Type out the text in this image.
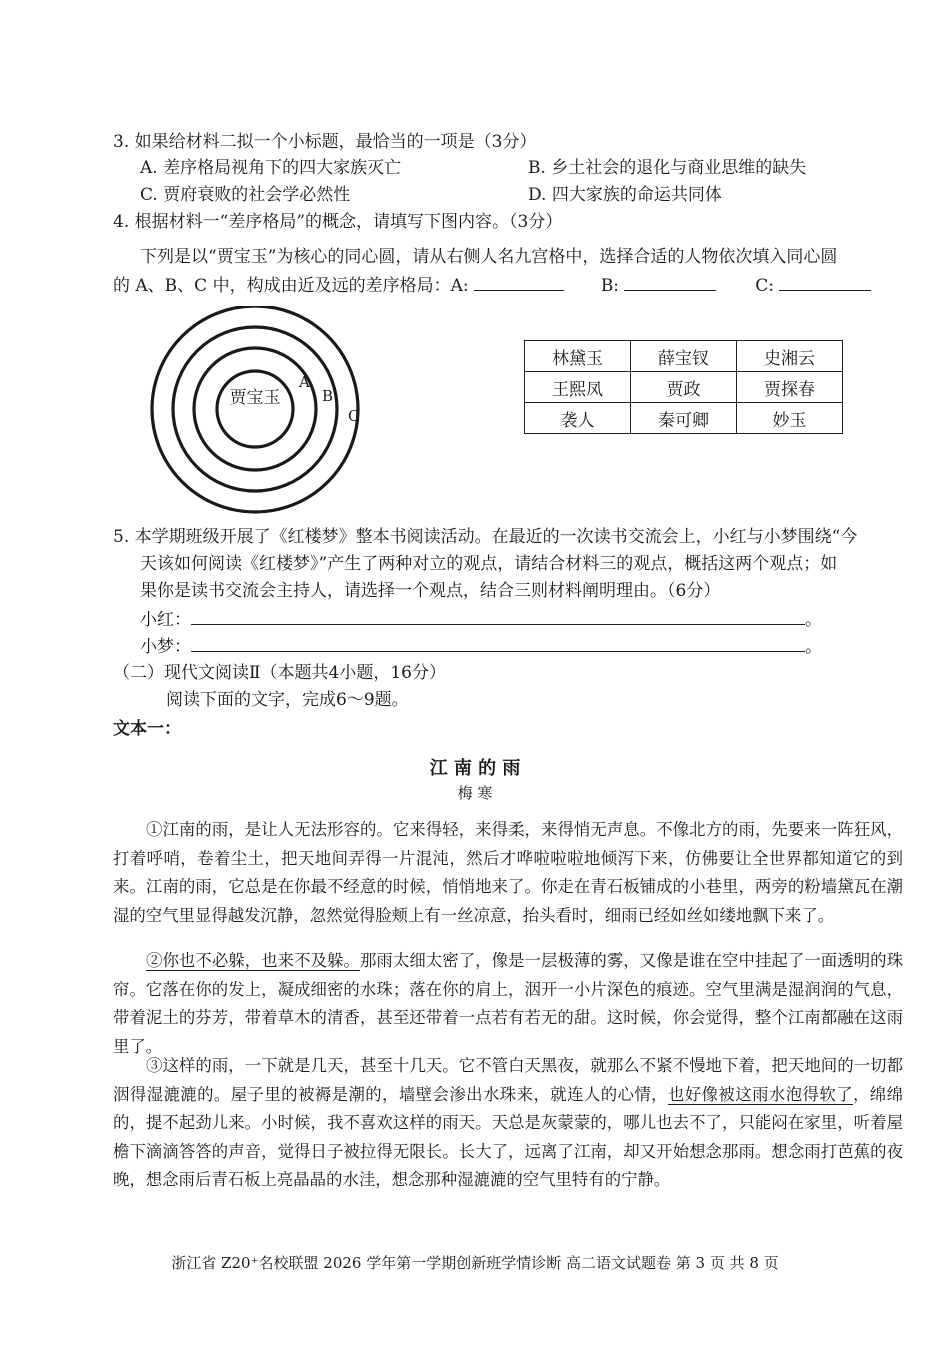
3. 如果给材料二拟一个小标题，最恰当的一项是（3分）
A. 差序格局视角下的四大家族灭亡	B. 乡土社会的退化与商业思维的缺失
C. 贾府衰败的社会学必然性	D. 四大家族的命运共同体
4. 根据材料一“差序格局”的概念，请填写下图内容。（3分）
下列是以“贾宝玉”为核心的同心圆，请从右侧人名九宫格中，选择合适的人物依次填入同心圆
的 A、B、C 中，构成由近及远的差序格局：A:	B:	C:
贾宝玉
A
B
C
林黛玉	薛宝钗	史湘云
王熙凤	贾政	贾探春
袭人	秦可卿	妙玉
5. 本学期班级开展了《红楼梦》整本书阅读活动。在最近的一次读书交流会上，小红与小梦围绕“今
天该如何阅读《红楼梦》”产生了两种对立的观点，请结合材料三的观点，概括这两个观点；如
果你是读书交流会主持人，请选择一个观点，结合三则材料阐明理由。（6分）
小红：	。
小梦：	。
（二）现代文阅读Ⅱ（本题共4小题，16分）
阅读下面的文字，完成6～9题。
文本一：
江 南 的 雨
梅 寒
①江南的雨，是让人无法形容的。它来得轻，来得柔，来得悄无声息。不像北方的雨，先要来一阵狂风，打着呼哨，卷着尘土，把天地间弄得一片混沌，然后才哗啦啦啦地倾泻下来，仿佛要让全世界都知道它的到来。江南的雨，它总是在你最不经意的时候，悄悄地来了。你走在青石板铺成的小巷里，两旁的粉墙黛瓦在潮湿的空气里显得越发沉静，忽然觉得脸颊上有一丝凉意，抬头看时，细雨已经如丝如缕地飘下来了。
②你也不必躲，也来不及躲。那雨太细太密了，像是一层极薄的雾，又像是谁在空中挂起了一面透明的珠帘。它落在你的发上，凝成细密的水珠；落在你的肩上，洇开一小片深色的痕迹。空气里满是湿润润的气息，带着泥土的芬芳，带着草木的清香，甚至还带着一点若有若无的甜。这时候，你会觉得，整个江南都融在这雨里了。
③这样的雨，一下就是几天，甚至十几天。它不管白天黑夜，就那么不紧不慢地下着，把天地间的一切都洇得湿漉漉的。屋子里的被褥是潮的，墙壁会渗出水珠来，就连人的心情，也好像被这雨水泡得软了，绵绵的，提不起劲儿来。小时候，我不喜欢这样的雨天。天总是灰蒙蒙的，哪儿也去不了，只能闷在家里，听着屋檐下滴滴答答的声音，觉得日子被拉得无限长。长大了，远离了江南，却又开始想念那雨。想念雨打芭蕉的夜晚，想念雨后青石板上亮晶晶的水洼，想念那种湿漉漉的空气里特有的宁静。
浙江省 Z20⁺名校联盟 2026 学年第一学期创新班学情诊断 高二语文试题卷 第 3 页 共 8 页
